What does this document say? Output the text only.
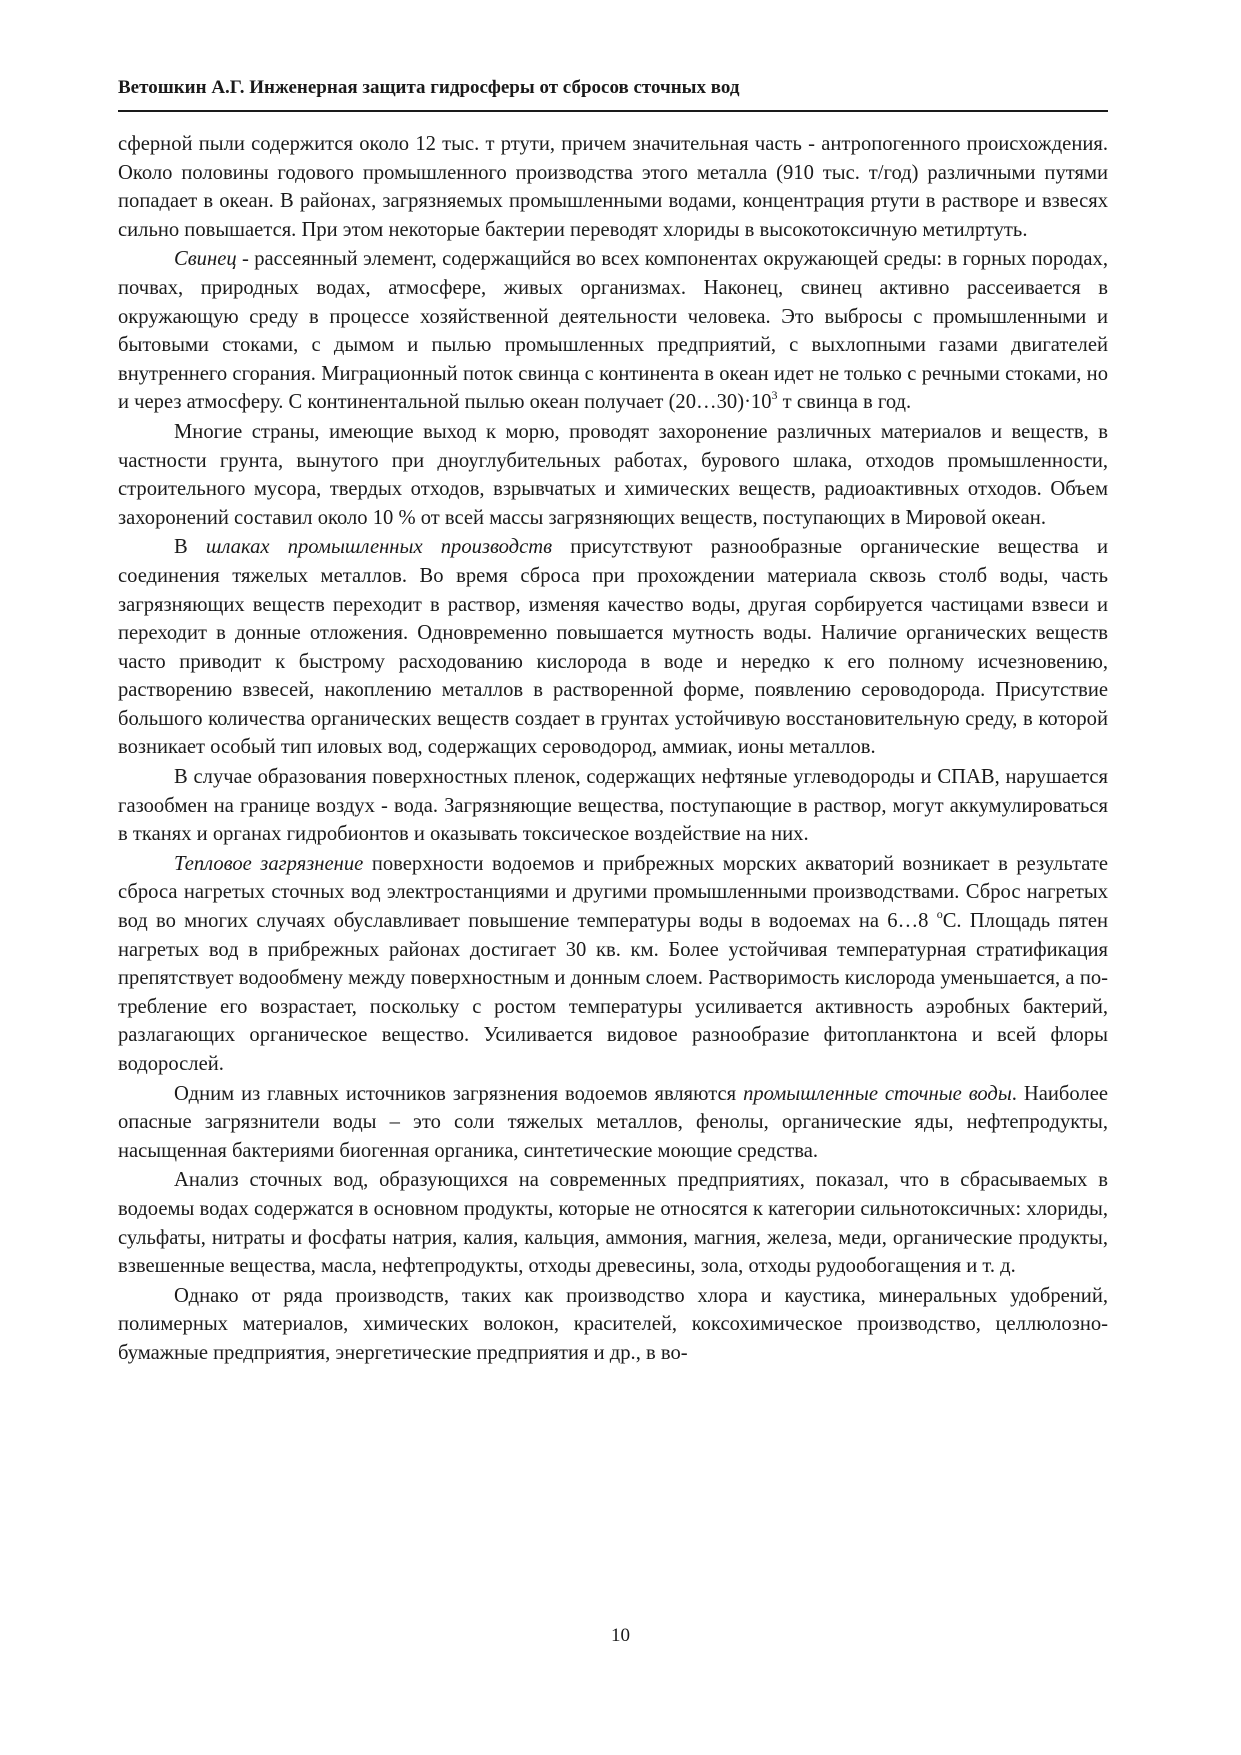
Ветошкин А.Г. Инженерная защита гидросферы от сбросов сточных вод

сферной пыли содержится около 12 тыс. т ртути, причем значительная часть - антропогенного происхождения. Около половины годового промышленного производства этого металла (910 тыс. т/год) различными путями попадает в океан. В районах, загрязняемых промышленными водами, концентрация ртути в растворе и взвесях сильно повышается. При этом некоторые бактерии переводят хлориды в высокотоксичную метилртуть.

Свинец - рассеянный элемент, содержащийся во всех компонентах окружающей среды: в горных породах, почвах, природных водах, атмосфере, живых организмах. Наконец, свинец активно рассеивается в окружающую среду в процессе хозяйственной деятельности человека. Это выбросы с промышленными и бытовыми стоками, с дымом и пылью промышленных предприятий, с выхлопными газами двигателей внутреннего сгорания. Миграционный поток свинца с континента в океан идет не только с речными стоками, но и через атмосферу. С континентальной пылью океан получает $(20\dots 30)\cdot 10^3$ т свинца в год.

Многие страны, имеющие выход к морю, проводят захоронение различных материалов и веществ, в частности грунта, вынутого при дноуглубительных работах, бурового шлака, отходов промышленности, строительного мусора, твердых отходов, взрывчатых и химических веществ, радиоактивных отходов. Объем захоронений составил около 10 % от всей массы загрязняющих веществ, поступающих в Мировой океан.

В шлаках промышленных производств присутствуют разнообразные органические вещества и соединения тяжелых металлов. Во время сброса при прохождении материала сквозь столб воды, часть загрязняющих веществ переходит в раствор, изменяя качество воды, другая сорбируется частицами взвеси и переходит в донные отложения. Одновременно повышается мутность воды. Наличие органических веществ часто приводит к быстрому расходованию кислорода в воде и нередко к его полному исчезновению, растворению взвесей, накоплению металлов в растворенной форме, появлению сероводорода. Присутствие большого количества органических веществ создает в грунтах устойчивую восстановительную среду, в которой возникает особый тип иловых вод, содержащих сероводород, аммиак, ионы металлов.

В случае образования поверхностных пленок, содержащих нефтяные углеводороды и СПАВ, нарушается газообмен на границе воздух - вода. Загрязняющие вещества, поступающие в раствор, могут аккумулироваться в тканях и органах гидробионтов и оказывать токсическое воздействие на них.

Тепловое загрязнение поверхности водоемов и прибрежных морских акваторий возникает в результате сброса нагретых сточных вод электростанциями и другими промышленными производствами. Сброс нагретых вод во многих случаях обуславливает повышение температуры воды в водоемах на 6…8 $^o$С. Площадь пятен нагретых вод в прибрежных районах достигает 30 кв. км. Более устойчивая температурная стратификация препятствует водообмену между поверхностным и донным слоем. Растворимость кислорода уменьшается, а потребление его возрастает, поскольку с ростом температуры усиливается активность аэробных бактерий, разлагающих органическое вещество. Усиливается видовое разнообразие фитопланктона и всей флоры водорослей.

Одним из главных источников загрязнения водоемов являются промышленные сточные воды. Наиболее опасные загрязнители воды – это соли тяжелых металлов, фенолы, органические яды, нефтепродукты, насыщенная бактериями биогенная органика, синтетические моющие средства.

Анализ сточных вод, образующихся на современных предприятиях, показал, что в сбрасываемых в водоемы водах содержатся в основном продукты, которые не относятся к категории сильнотоксичных: хлориды, сульфаты, нитраты и фосфаты натрия, калия, кальция, аммония, магния, железа, меди, органические продукты, взвешенные вещества, масла, нефтепродукты, отходы древесины, зола, отходы рудообогащения и т. д.

Однако от ряда производств, таких как производство хлора и каустика, минеральных удобрений, полимерных материалов, химических волокон, красителей, коксохимическое производство, целлюлозно-бумажные предприятия, энергетические предприятия и др., в во-

10
